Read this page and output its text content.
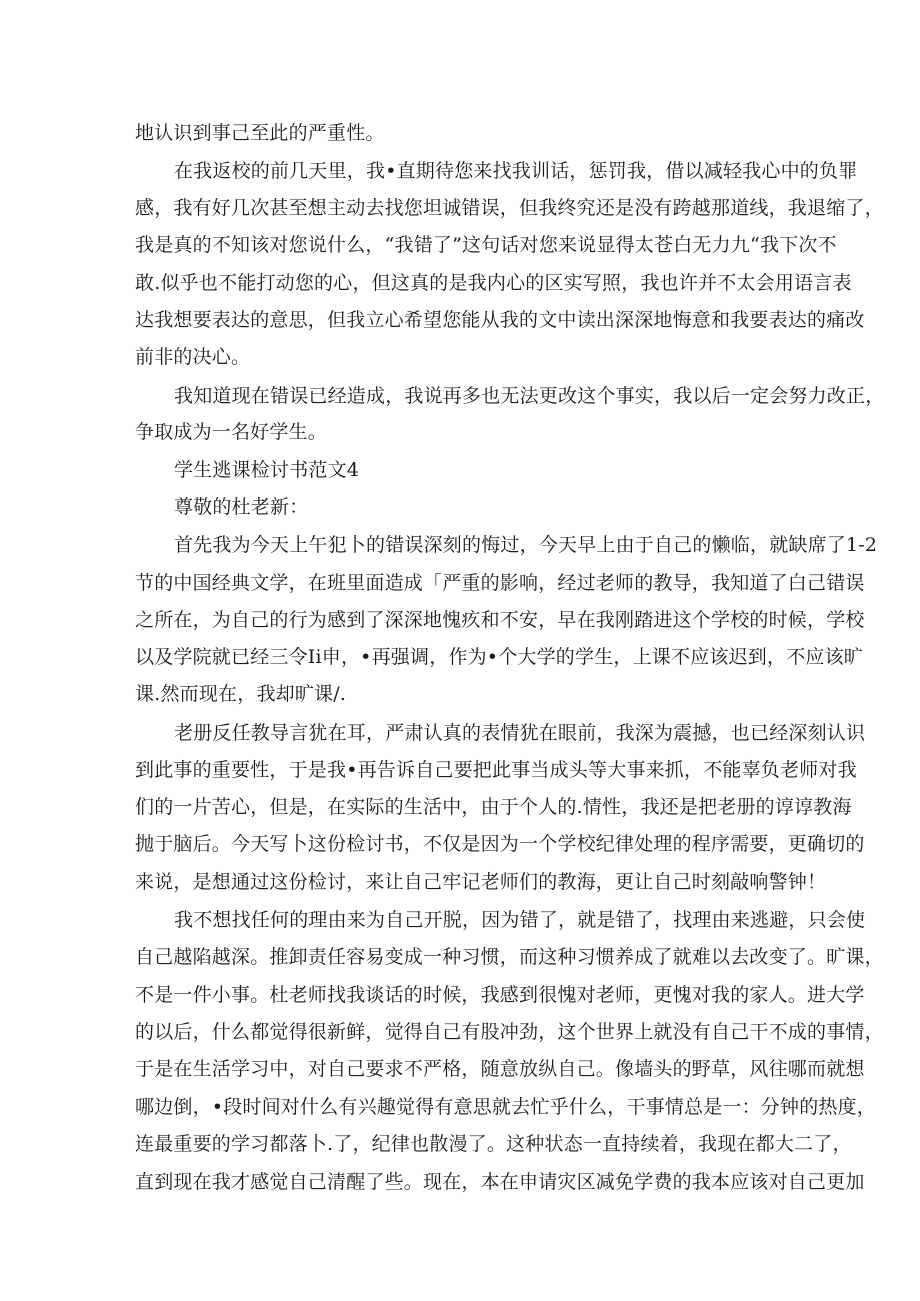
地认识到事己至此的严重性。
在我返校的前几天里，我•直期待您来找我训话，惩罚我，借以减轻我心中的负罪
感，我有好几次甚至想主动去找您坦诚错误，但我终究还是没有跨越那道线，我退缩了，
我是真的不知该对您说什么，“我错了”这句话对您来说显得太苍白无力九“我下次不
敢.似乎也不能打动您的心，但这真的是我内心的区实写照，我也许并不太会用语言表
达我想要表达的意思，但我立心希望您能从我的文中读出深深地悔意和我要表达的痛改
前非的决心。
我知道现在错误已经造成，我说再多也无法更改这个事实，我以后一定会努力改正，
争取成为一名好学生。
学生逃课检讨书范文4
尊敬的杜老新：
首先我为今天上午犯卜的错误深刻的悔过，今天早上由于自己的懒临，就缺席了1-2
节的中国经典文学，在班里面造成「严重的影响，经过老师的教导，我知道了白己错误
之所在，为自己的行为感到了深深地愧疚和不安，早在我刚踏进这个学校的时候，学校
以及学院就已经三令Ii申，•再强调，作为•个大学的学生，上课不应该迟到，不应该旷
课.然而现在，我却旷课/.
老册反任教导言犹在耳，严肃认真的表情犹在眼前，我深为震撼，也已经深刻认识
到此事的重要性，于是我•再告诉自己要把此事当成头等大事来抓，不能辜负老师对我
们的一片苦心，但是，在实际的生活中，由于个人的.情性，我还是把老册的谆谆教海
抛于脑后。今天写卜这份检讨书，不仅是因为一个学校纪律处理的程序需要，更确切的
来说，是想通过这份检讨，来让自己牢记老师们的教海，更让自己时刻敲响警钟！
我不想找任何的理由来为自己开脱，因为错了，就是错了，找理由来逃避，只会使
自己越陷越深。推卸责任容易变成一种习惯，而这种习惯养成了就难以去改变了。旷课，
不是一件小事。杜老师找我谈话的时候，我感到很愧对老师，更愧对我的家人。进大学
的以后，什么都觉得很新鲜，觉得自己有股冲劲，这个世界上就没有自己干不成的事情，
于是在生活学习中，对自己要求不严格，随意放纵自己。像墙头的野草，风往哪而就想
哪边倒，•段时间对什么有兴趣觉得有意思就去忙乎什么，干事情总是一：分钟的热度，
连最重要的学习都落卜.了，纪律也散漫了。这种状态一直持续着，我现在都大二了，
直到现在我才感觉自己清醒了些。现在，本在申请灾区减免学费的我本应该对自己更加
